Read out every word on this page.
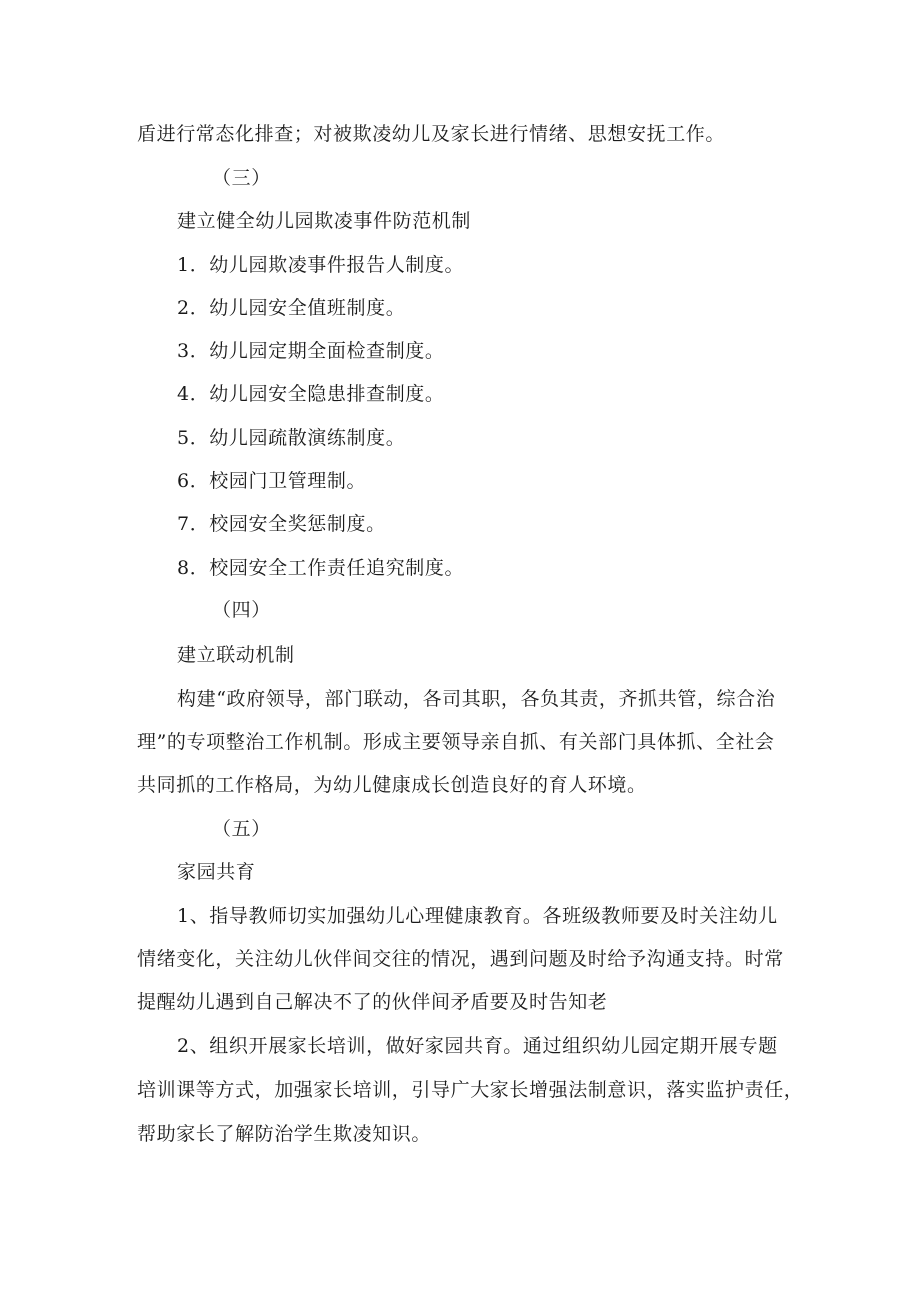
盾进行常态化排查；对被欺凌幼儿及家长进行情绪、思想安抚工作。
（三）
建立健全幼儿园欺凌事件防范机制
1．幼儿园欺凌事件报告人制度。
2．幼儿园安全值班制度。
3．幼儿园定期全面检查制度。
4．幼儿园安全隐患排查制度。
5．幼儿园疏散演练制度。
6．校园门卫管理制。
7．校园安全奖惩制度。
8．校园安全工作责任追究制度。
（四）
建立联动机制
构建“政府领导，部门联动，各司其职，各负其责，齐抓共管，综合治
理”的专项整治工作机制。形成主要领导亲自抓、有关部门具体抓、全社会
共同抓的工作格局，为幼儿健康成长创造良好的育人环境。
（五）
家园共育
1、指导教师切实加强幼儿心理健康教育。各班级教师要及时关注幼儿
情绪变化，关注幼儿伙伴间交往的情况，遇到问题及时给予沟通支持。时常
提醒幼儿遇到自己解决不了的伙伴间矛盾要及时告知老
2、组织开展家长培训，做好家园共育。通过组织幼儿园定期开展专题
培训课等方式，加强家长培训，引导广大家长增强法制意识，落实监护责任，
帮助家长了解防治学生欺凌知识。
